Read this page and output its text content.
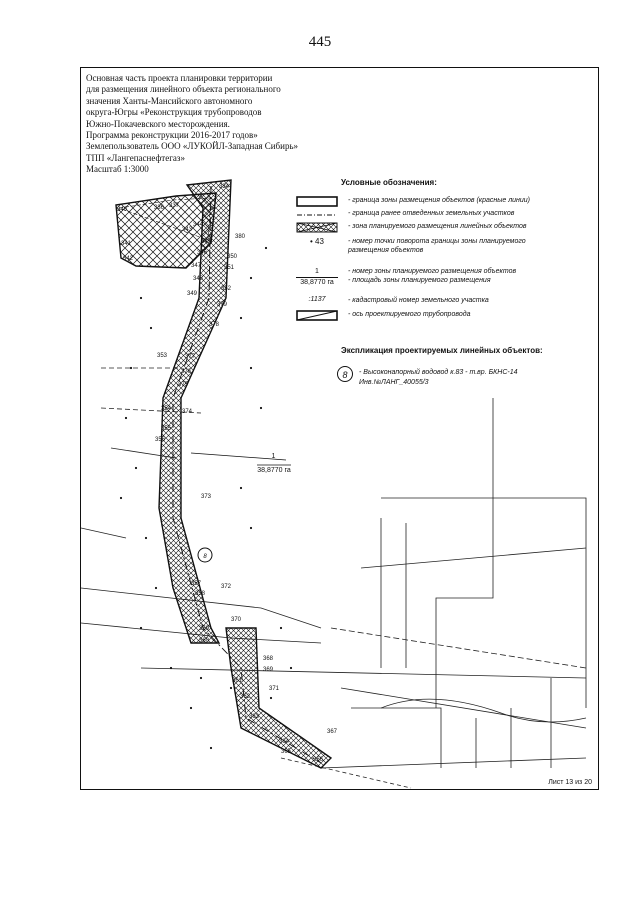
445
8
334
336 337
340
341
342
343
344
345
346
347
348
349
350
351
352
353
354
355
356
357
358
359
360
361
362
363
364
365
366
367
368
369
370
371
372
373
374
375
376
377
378
379
380
Основная часть проекта планировки территории
для размещения линейного объекта регионального
значения Ханты-Мансийского автономного
округа-Югры «Реконструкция трубопроводов
Южно-Покачевского месторождения.
Программа реконструкции 2016-2017 годов»
Землепользователь ООО «ЛУКОЙЛ-Западная Сибирь»
ТПП «Лангепаснефтегаз»
Масштаб 1:3000
Условные обозначения:
- граница зоны размещения объектов (красные линии)
- граница ранее отведенных земельных участков
- зона планируемого размещения линейных объектов
• 43	- номер точки поворота границы зоны планируемого
размещения объектов
1
38,8770 га
- номер зоны планируемого размещения объектов
- площадь зоны планируемого размещения
:1137	- кадастровый номер земельного участка
- ось проектируемого трубопровода
Экспликация проектируемых линейных объектов:
8	- Высоконапорный водовод к.83 - т.вр. БКНС-14
Инв.№ЛАНГ_40055/3
1
38,8770 га
Лист 13 из 20
